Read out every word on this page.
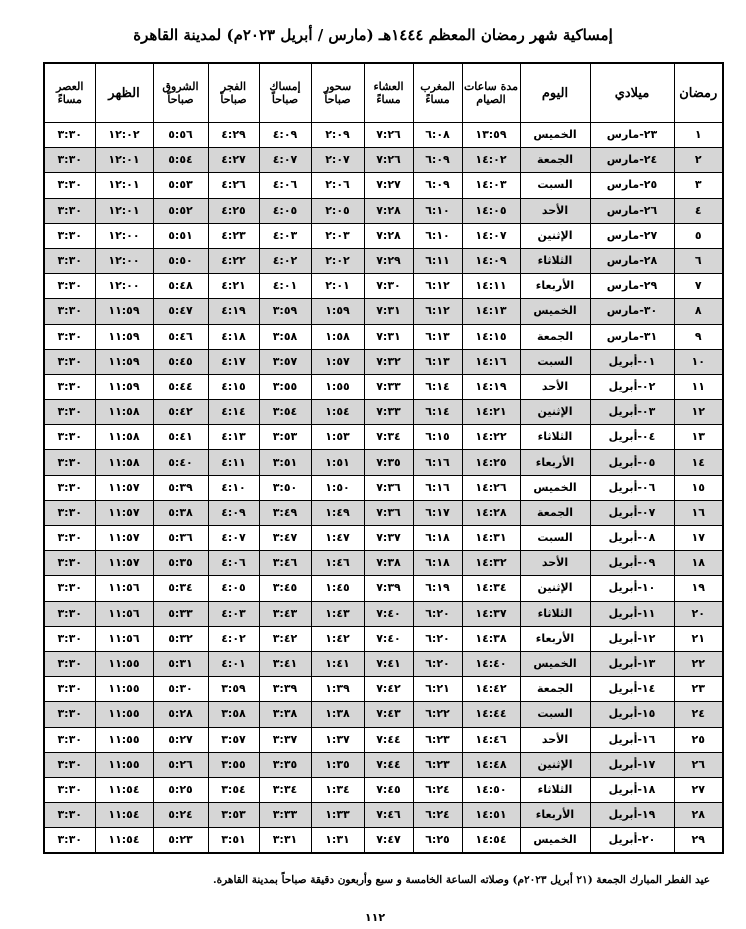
إمساكية شهر رمضان المعظم ١٤٤٤هـ (مارس / أبريل ٢٠٢٣م) لمدينة القاهرة
رمضان	ميلادي	اليوم	مدة ساعات الصيام	المغرب مساءً	العشاء مساءً	سحور صباحاً	إمساك صباحاً	الفجر صباحاً	الشروق صباحاً	الظهر	العصر مساءً
١	٢٣-مارس	الخميس	١٣:٥٩	٦:٠٨	٧:٢٦	٢:٠٩	٤:٠٩	٤:٢٩	٥:٥٦	١٢:٠٢	٣:٣٠
٢	٢٤-مارس	الجمعة	١٤:٠٢	٦:٠٩	٧:٢٦	٢:٠٧	٤:٠٧	٤:٢٧	٥:٥٤	١٢:٠١	٣:٣٠
٣	٢٥-مارس	السبت	١٤:٠٣	٦:٠٩	٧:٢٧	٢:٠٦	٤:٠٦	٤:٢٦	٥:٥٣	١٢:٠١	٣:٣٠
٤	٢٦-مارس	الأحد	١٤:٠٥	٦:١٠	٧:٢٨	٢:٠٥	٤:٠٥	٤:٢٥	٥:٥٢	١٢:٠١	٣:٣٠
٥	٢٧-مارس	الإثنين	١٤:٠٧	٦:١٠	٧:٢٨	٢:٠٣	٤:٠٣	٤:٢٣	٥:٥١	١٢:٠٠	٣:٣٠
٦	٢٨-مارس	الثلاثاء	١٤:٠٩	٦:١١	٧:٢٩	٢:٠٢	٤:٠٢	٤:٢٢	٥:٥٠	١٢:٠٠	٣:٣٠
٧	٢٩-مارس	الأربعاء	١٤:١١	٦:١٢	٧:٣٠	٢:٠١	٤:٠١	٤:٢١	٥:٤٨	١٢:٠٠	٣:٣٠
٨	٣٠-مارس	الخميس	١٤:١٣	٦:١٢	٧:٣١	١:٥٩	٣:٥٩	٤:١٩	٥:٤٧	١١:٥٩	٣:٣٠
٩	٣١-مارس	الجمعة	١٤:١٥	٦:١٣	٧:٣١	١:٥٨	٣:٥٨	٤:١٨	٥:٤٦	١١:٥٩	٣:٣٠
١٠	٠١-أبريل	السبت	١٤:١٦	٦:١٣	٧:٣٢	١:٥٧	٣:٥٧	٤:١٧	٥:٤٥	١١:٥٩	٣:٣٠
١١	٠٢-أبريل	الأحد	١٤:١٩	٦:١٤	٧:٣٣	١:٥٥	٣:٥٥	٤:١٥	٥:٤٤	١١:٥٩	٣:٣٠
١٢	٠٣-أبريل	الإثنين	١٤:٢١	٦:١٤	٧:٣٣	١:٥٤	٣:٥٤	٤:١٤	٥:٤٢	١١:٥٨	٣:٣٠
١٣	٠٤-أبريل	الثلاثاء	١٤:٢٢	٦:١٥	٧:٣٤	١:٥٣	٣:٥٣	٤:١٣	٥:٤١	١١:٥٨	٣:٣٠
١٤	٠٥-أبريل	الأربعاء	١٤:٢٥	٦:١٦	٧:٣٥	١:٥١	٣:٥١	٤:١١	٥:٤٠	١١:٥٨	٣:٣٠
١٥	٠٦-أبريل	الخميس	١٤:٢٦	٦:١٦	٧:٣٦	١:٥٠	٣:٥٠	٤:١٠	٥:٣٩	١١:٥٧	٣:٣٠
١٦	٠٧-أبريل	الجمعة	١٤:٢٨	٦:١٧	٧:٣٦	١:٤٩	٣:٤٩	٤:٠٩	٥:٣٨	١١:٥٧	٣:٣٠
١٧	٠٨-أبريل	السبت	١٤:٣١	٦:١٨	٧:٣٧	١:٤٧	٣:٤٧	٤:٠٧	٥:٣٦	١١:٥٧	٣:٣٠
١٨	٠٩-أبريل	الأحد	١٤:٣٢	٦:١٨	٧:٣٨	١:٤٦	٣:٤٦	٤:٠٦	٥:٣٥	١١:٥٧	٣:٣٠
١٩	١٠-أبريل	الإثنين	١٤:٣٤	٦:١٩	٧:٣٩	١:٤٥	٣:٤٥	٤:٠٥	٥:٣٤	١١:٥٦	٣:٣٠
٢٠	١١-أبريل	الثلاثاء	١٤:٣٧	٦:٢٠	٧:٤٠	١:٤٣	٣:٤٣	٤:٠٣	٥:٣٣	١١:٥٦	٣:٣٠
٢١	١٢-أبريل	الأربعاء	١٤:٣٨	٦:٢٠	٧:٤٠	١:٤٢	٣:٤٢	٤:٠٢	٥:٣٢	١١:٥٦	٣:٣٠
٢٢	١٣-أبريل	الخميس	١٤:٤٠	٦:٢٠	٧:٤١	١:٤١	٣:٤١	٤:٠١	٥:٣١	١١:٥٥	٣:٣٠
٢٣	١٤-أبريل	الجمعة	١٤:٤٢	٦:٢١	٧:٤٢	١:٣٩	٣:٣٩	٣:٥٩	٥:٣٠	١١:٥٥	٣:٣٠
٢٤	١٥-أبريل	السبت	١٤:٤٤	٦:٢٢	٧:٤٣	١:٣٨	٣:٣٨	٣:٥٨	٥:٢٨	١١:٥٥	٣:٣٠
٢٥	١٦-أبريل	الأحد	١٤:٤٦	٦:٢٣	٧:٤٤	١:٣٧	٣:٣٧	٣:٥٧	٥:٢٧	١١:٥٥	٣:٣٠
٢٦	١٧-أبريل	الإثنين	١٤:٤٨	٦:٢٣	٧:٤٤	١:٣٥	٣:٣٥	٣:٥٥	٥:٢٦	١١:٥٥	٣:٣٠
٢٧	١٨-أبريل	الثلاثاء	١٤:٥٠	٦:٢٤	٧:٤٥	١:٣٤	٣:٣٤	٣:٥٤	٥:٢٥	١١:٥٤	٣:٣٠
٢٨	١٩-أبريل	الأربعاء	١٤:٥١	٦:٢٤	٧:٤٦	١:٣٣	٣:٣٣	٣:٥٣	٥:٢٤	١١:٥٤	٣:٣٠
٢٩	٢٠-أبريل	الخميس	١٤:٥٤	٦:٢٥	٧:٤٧	١:٣١	٣:٣١	٣:٥١	٥:٢٣	١١:٥٤	٣:٣٠
عيد الفطر المبارك الجمعة (٢١ أبريل ٢٠٢٣م) وصلاته الساعة الخامسة و سبع وأربعون دقيقة صباحاً بمدينة القاهرة.
١١٢
